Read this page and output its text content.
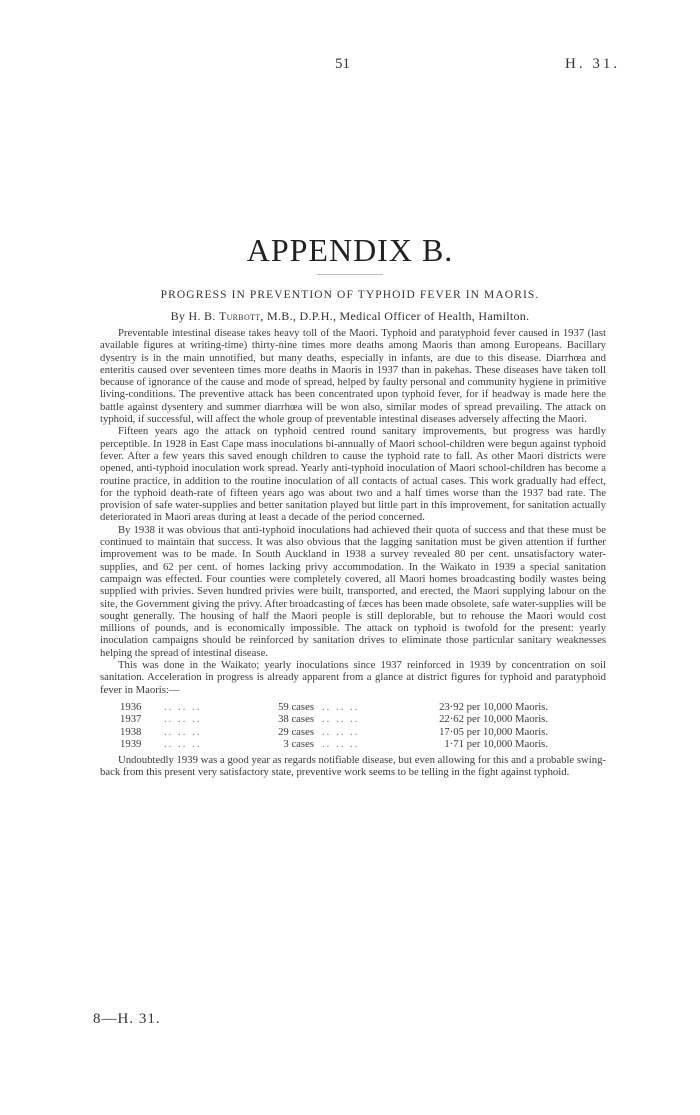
51	H. 31.
APPENDIX B.
PROGRESS IN PREVENTION OF TYPHOID FEVER IN MAORIS.
By H. B. Turbott, M.B., D.P.H., Medical Officer of Health, Hamilton.

Preventable intestinal disease takes heavy toll of the Maori. Typhoid and paratyphoid fever caused in 1937 (last available figures at writing-time) thirty-nine times more deaths among Maoris than among Europeans. Bacillary dysentry is in the main unnotified, but many deaths, especially in infants, are due to this disease. Diarrhœa and enteritis caused over seventeen times more deaths in Maoris in 1937 than in pakehas. These diseases have taken toll because of ignorance of the cause and mode of spread, helped by faulty personal and community hygiene in primitive living-conditions. The preventive attack has been concentrated upon typhoid fever, for if headway is made here the battle against dysentery and summer diarrhœa will be won also, similar modes of spread prevailing. The attack on typhoid, if successful, will affect the whole group of preventable intestinal diseases adversely affecting the Maori.

Fifteen years ago the attack on typhoid centred round sanitary improvements, but progress was hardly perceptible. In 1928 in East Cape mass inoculations bi-annually of Maori school-children were begun against typhoid fever. After a few years this saved enough children to cause the typhoid rate to fall. As other Maori districts were opened, anti-typhoid inoculation work spread. Yearly anti-typhoid inoculation of Maori school-children has become a routine practice, in addition to the routine inoculation of all contacts of actual cases. This work gradually had effect, for the typhoid death-rate of fifteen years ago was about two and a half times worse than the 1937 bad rate. The provision of safe water-supplies and better sanitation played but little part in this improvement, for sanitation actually deteriorated in Maori areas during at least a decade of the period concerned.

By 1938 it was obvious that anti-typhoid inoculations had achieved their quota of success and that these must be continued to maintain that success. It was also obvious that the lagging sanitation must be given attention if further improvement was to be made. In South Auckland in 1938 a survey revealed 80 per cent. unsatisfactory water-supplies, and 62 per cent. of homes lacking privy accommodation. In the Waikato in 1939 a special sanitation campaign was effected. Four counties were completely covered, all Maori homes broadcasting bodily wastes being supplied with privies. Seven hundred privies were built, transported, and erected, the Maori supplying labour on the site, the Government giving the privy. After broadcasting of fæces has been made obsolete, safe water-supplies will be sought generally. The housing of half the Maori people is still deplorable, but to rehouse the Maori would cost millions of pounds, and is economically impossible. The attack on typhoid is twofold for the present: yearly inoculation campaigns should be reinforced by sanitation drives to eliminate those particular sanitary weaknesses helping the spread of intestinal disease.

This was done in the Waikato; yearly inoculations since 1937 reinforced in 1939 by concentration on soil sanitation. Acceleration in progress is already apparent from a glance at district figures for typhoid and paratyphoid fever in Maoris:—

1936	.. .. ..	59 cases	.. .. ..	23·92 per 10,000 Maoris.
1937	.. .. ..	38 cases	.. .. ..	22·62 per 10,000 Maoris.
1938	.. .. ..	29 cases	.. .. ..	17·05 per 10,000 Maoris.
1939	.. .. ..	3 cases	.. .. ..	1·71 per 10,000 Maoris.

Undoubtedly 1939 was a good year as regards notifiable disease, but even allowing for this and a probable swing-back from this present very satisfactory state, preventive work seems to be telling in the fight against typhoid.

8—H. 31.
